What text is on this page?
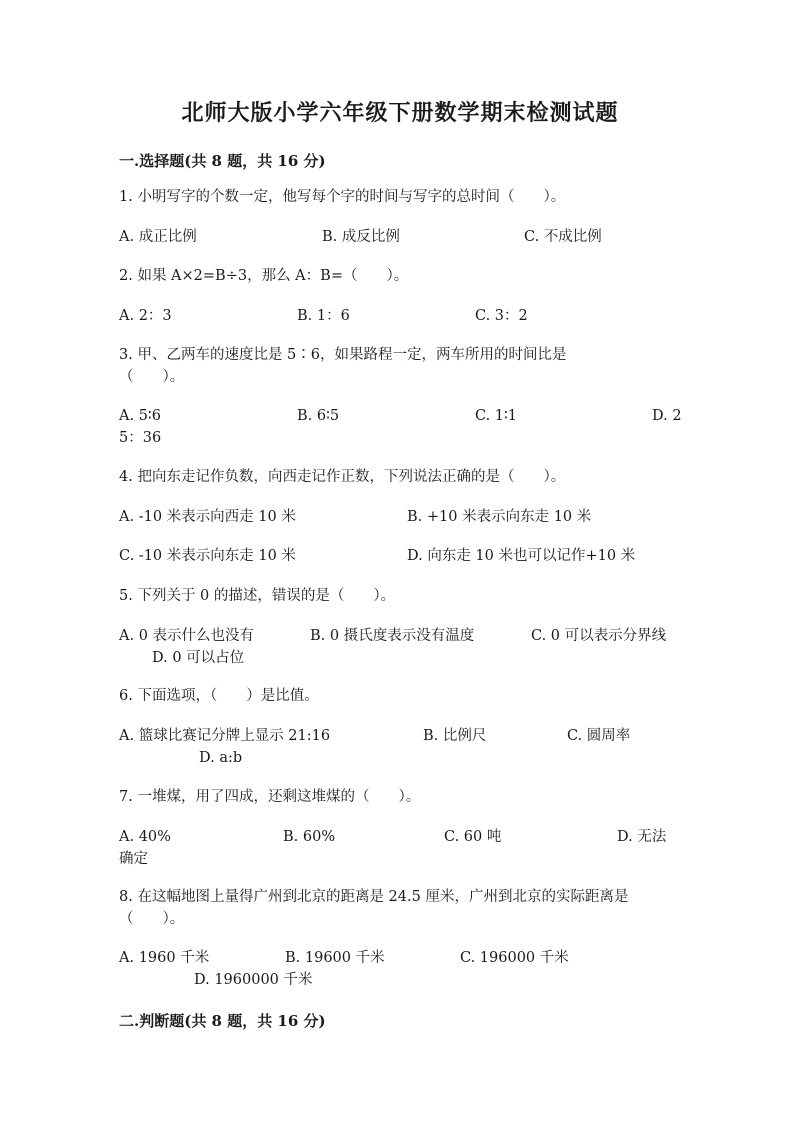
北师大版小学六年级下册数学期末检测试题
一.选择题(共 8 题，共 16 分)
1. 小明写字的个数一定，他写每个字的时间与写字的总时间（　　）。
A. 成正比例	B. 成反比例	C. 不成比例
2. 如果 A×2=B÷3，那么 A：B=（　　）。
A. 2：3	B. 1：6	C. 3：2
3. 甲、乙两车的速度比是 5∶6，如果路程一定，两车所用的时间比是
（　　）。
A. 5∶6	B. 6∶5	C. 1∶1	D. 2
5：36
4. 把向东走记作负数，向西走记作正数，下列说法正确的是（　　）。
A. -10 米表示向西走 10 米	B. +10 米表示向东走 10 米
C. -10 米表示向东走 10 米	D. 向东走 10 米也可以记作+10 米
5. 下列关于 0 的描述，错误的是（　　）。
A. 0 表示什么也没有	B. 0 摄氏度表示没有温度	C. 0 可以表示分界线
D. 0 可以占位
6. 下面选项，（　　）是比值。
A. 篮球比赛记分牌上显示 21:16	B. 比例尺	C. 圆周率
D. a:b
7. 一堆煤，用了四成，还剩这堆煤的（　　）。
A. 40%	B. 60%	C. 60 吨	D. 无法
确定
8. 在这幅地图上量得广州到北京的距离是 24.5 厘米，广州到北京的实际距离是
（　　）。
A. 1960 千米	B. 19600 千米	C. 196000 千米
D. 1960000 千米
二.判断题(共 8 题，共 16 分)
